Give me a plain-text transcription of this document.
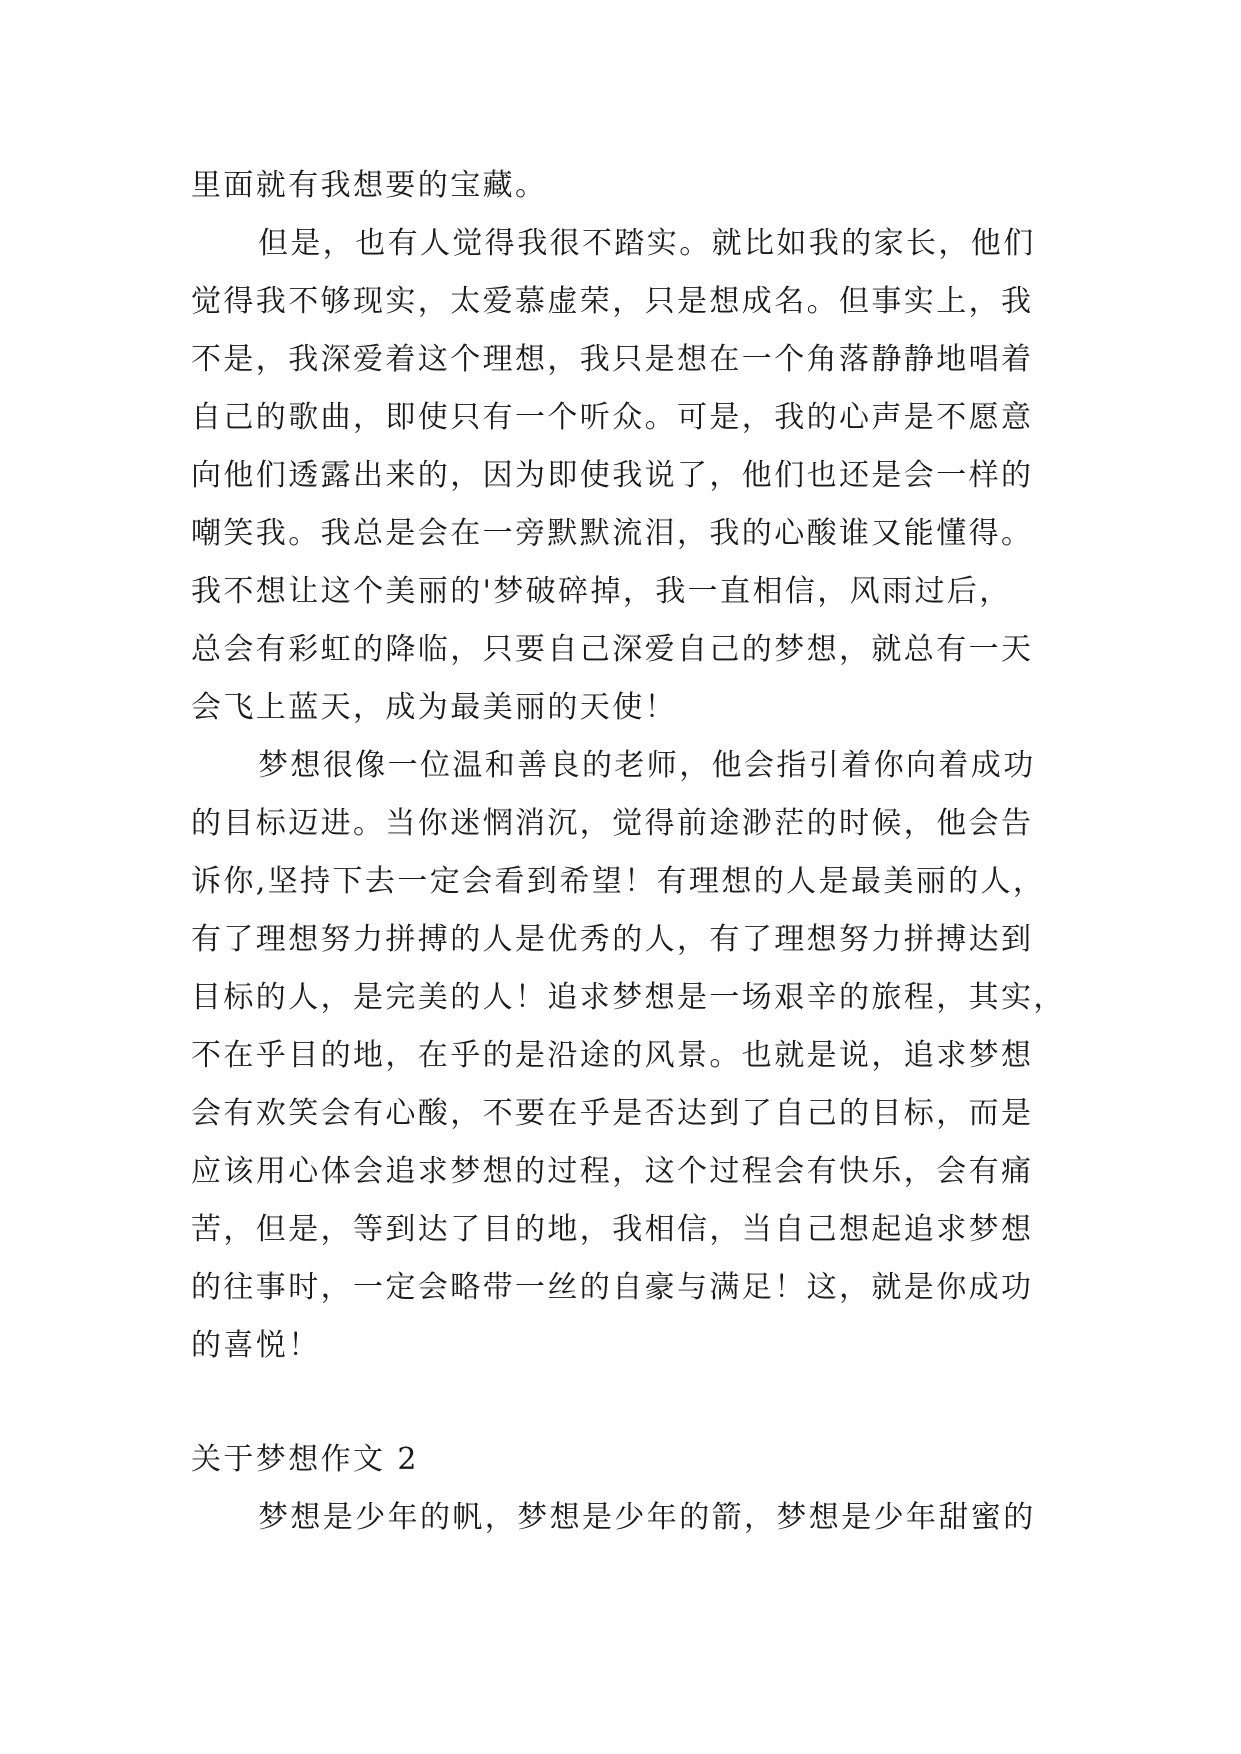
里面就有我想要的宝藏。
但是，也有人觉得我很不踏实。就比如我的家长，他们
觉得我不够现实，太爱慕虚荣，只是想成名。但事实上，我
不是，我深爱着这个理想，我只是想在一个角落静静地唱着
自己的歌曲，即使只有一个听众。可是，我的心声是不愿意
向他们透露出来的，因为即使我说了，他们也还是会一样的
嘲笑我。我总是会在一旁默默流泪，我的心酸谁又能懂得。
我不想让这个美丽的'梦破碎掉，我一直相信，风雨过后，
总会有彩虹的降临，只要自己深爱自己的梦想，就总有一天
会飞上蓝天，成为最美丽的天使！
梦想很像一位温和善良的老师，他会指引着你向着成功
的目标迈进。当你迷惘消沉，觉得前途渺茫的时候，他会告
诉你,坚持下去一定会看到希望！有理想的人是最美丽的人，
有了理想努力拼搏的人是优秀的人，有了理想努力拼搏达到
目标的人，是完美的人！追求梦想是一场艰辛的旅程，其实，
不在乎目的地，在乎的是沿途的风景。也就是说，追求梦想
会有欢笑会有心酸，不要在乎是否达到了自己的目标，而是
应该用心体会追求梦想的过程，这个过程会有快乐，会有痛
苦，但是，等到达了目的地，我相信，当自己想起追求梦想
的往事时，一定会略带一丝的自豪与满足！这，就是你成功
的喜悦！
关于梦想作文 2
梦想是少年的帆，梦想是少年的箭，梦想是少年甜蜜的
